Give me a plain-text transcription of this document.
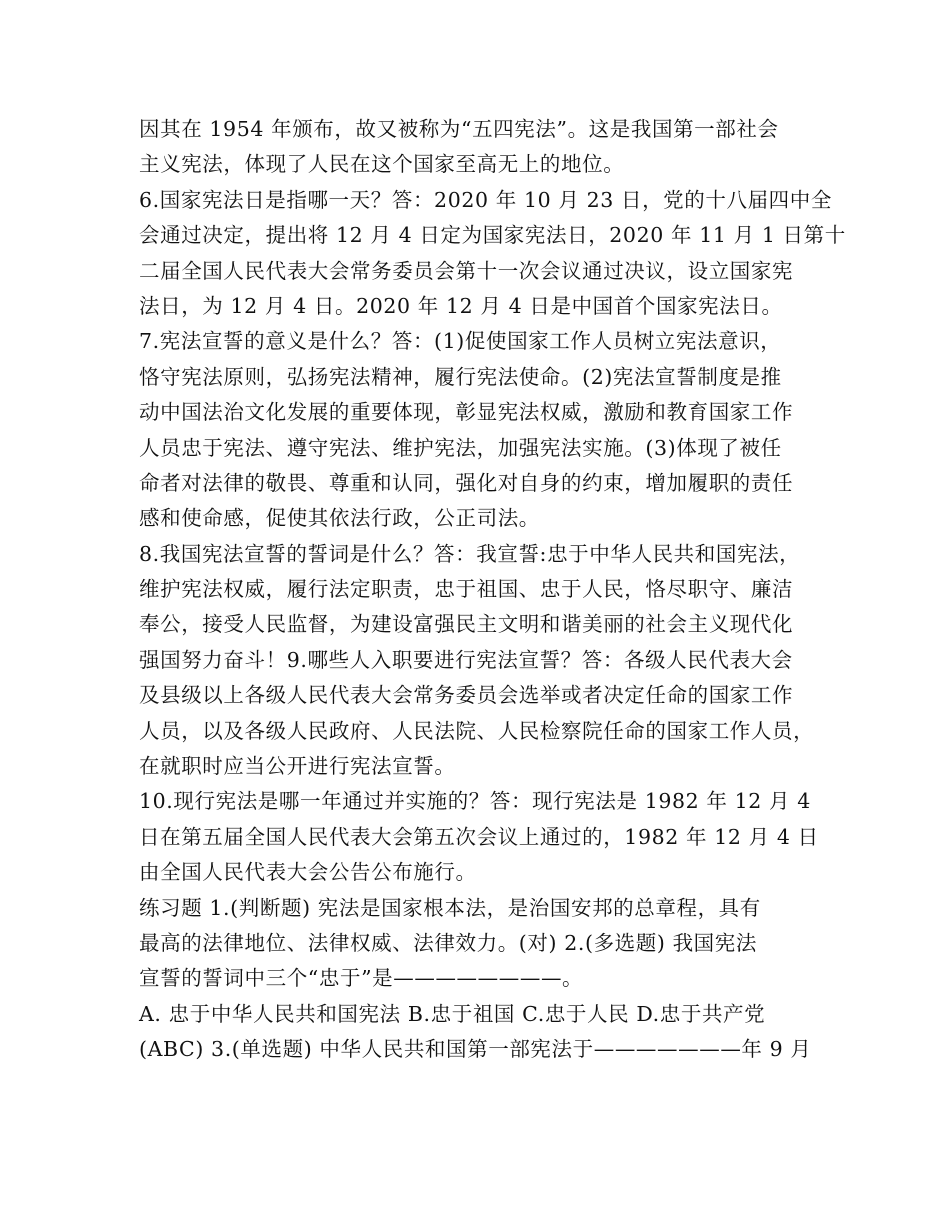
因其在 1954 年颁布，故又被称为“五四宪法”。这是我国第一部社会
主义宪法，体现了人民在这个国家至高无上的地位。
6.国家宪法日是指哪一天？答：2020 年 10 月 23 日，党的十八届四中全
会通过决定，提出将 12 月 4 日定为国家宪法日，2020 年 11 月 1 日第十
二届全国人民代表大会常务委员会第十一次会议通过决议，设立国家宪
法日，为 12 月 4 日。2020 年 12 月 4 日是中国首个国家宪法日。
7.宪法宣誓的意义是什么？答：(1)促使国家工作人员树立宪法意识，
恪守宪法原则，弘扬宪法精神，履行宪法使命。(2)宪法宣誓制度是推
动中国法治文化发展的重要体现，彰显宪法权威，激励和教育国家工作
人员忠于宪法、遵守宪法、维护宪法，加强宪法实施。(3)体现了被任
命者对法律的敬畏、尊重和认同，强化对自身的约束，增加履职的责任
感和使命感，促使其依法行政，公正司法。
8.我国宪法宣誓的誓词是什么？答：我宣誓:忠于中华人民共和国宪法，
维护宪法权威，履行法定职责，忠于祖国、忠于人民，恪尽职守、廉洁
奉公，接受人民监督，为建设富强民主文明和谐美丽的社会主义现代化
强国努力奋斗！9.哪些人入职要进行宪法宣誓？答：各级人民代表大会
及县级以上各级人民代表大会常务委员会选举或者决定任命的国家工作
人员，以及各级人民政府、人民法院、人民检察院任命的国家工作人员，
在就职时应当公开进行宪法宣誓。
10.现行宪法是哪一年通过并实施的？答：现行宪法是 1982 年 12 月 4
日在第五届全国人民代表大会第五次会议上通过的，1982 年 12 月 4 日
由全国人民代表大会公告公布施行。
练习题 1.(判断题) 宪法是国家根本法，是治国安邦的总章程，具有
最高的法律地位、法律权威、法律效力。(对) 2.(多选题) 我国宪法
宣誓的誓词中三个“忠于”是————————。
A. 忠于中华人民共和国宪法 B.忠于祖国 C.忠于人民 D.忠于共产党
(ABC) 3.(单选题) 中华人民共和国第一部宪法于———————年 9 月
